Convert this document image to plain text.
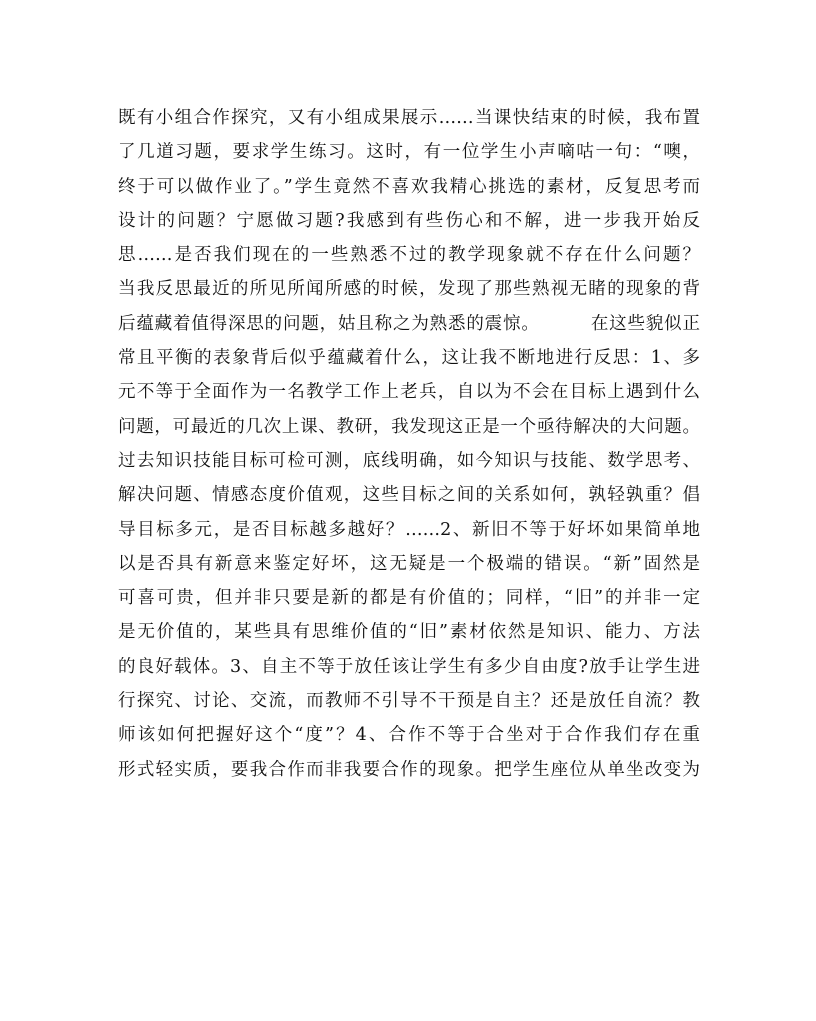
既有小组合作探究，又有小组成果展示……当课快结束的时候，我布置
了几道习题，要求学生练习。这时，有一位学生小声嘀咕一句：“噢，
终于可以做作业了。”学生竟然不喜欢我精心挑选的素材，反复思考而
设计的问题？宁愿做习题?我感到有些伤心和不解，进一步我开始反
思……是否我们现在的一些熟悉不过的教学现象就不存在什么问题？
当我反思最近的所见所闻所感的时候，发现了那些熟视无睹的现象的背
后蕴藏着值得深思的问题，姑且称之为熟悉的震惊。        在这些貌似正
常且平衡的表象背后似乎蕴藏着什么，这让我不断地进行反思：1、多
元不等于全面作为一名教学工作上老兵，自以为不会在目标上遇到什么
问题，可最近的几次上课、教研，我发现这正是一个亟待解决的大问题。
过去知识技能目标可检可测，底线明确，如今知识与技能、数学思考、
解决问题、情感态度价值观，这些目标之间的关系如何，孰轻孰重？倡
导目标多元，是否目标越多越好？……2、新旧不等于好坏如果简单地
以是否具有新意来鉴定好坏，这无疑是一个极端的错误。“新”固然是
可喜可贵，但并非只要是新的都是有价值的；同样，“旧”的并非一定
是无价值的，某些具有思维价值的“旧”素材依然是知识、能力、方法
的良好载体。3、自主不等于放任该让学生有多少自由度?放手让学生进
行探究、讨论、交流，而教师不引导不干预是自主？还是放任自流？教
师该如何把握好这个“度”？4、合作不等于合坐对于合作我们存在重
形式轻实质，要我合作而非我要合作的现象。把学生座位从单坐改变为
